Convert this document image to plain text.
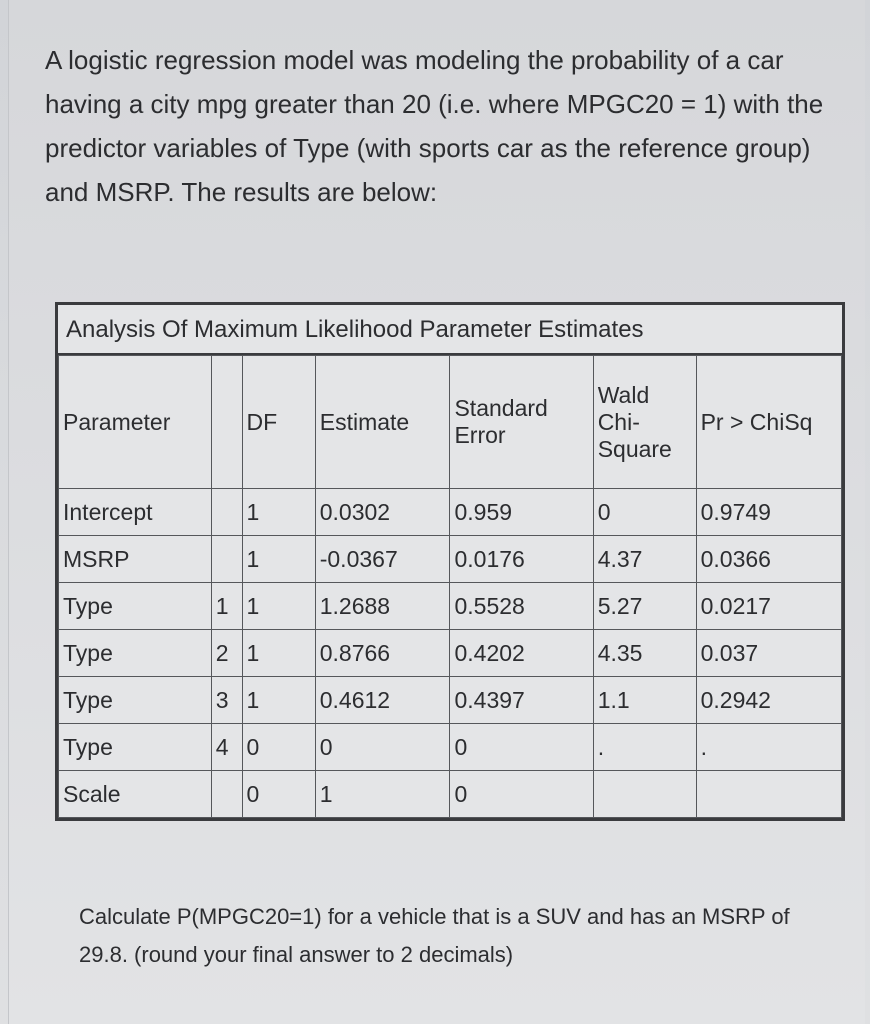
A logistic regression model was modeling the probability of a car having a city mpg greater than 20 (i.e. where MPGC20 = 1) with the predictor variables of Type (with sports car as the reference group) and MSRP. The results are below:

Analysis Of Maximum Likelihood Parameter Estimates
Parameter		DF	Estimate	Standard Error	Wald Chi-Square	Pr > ChiSq
Intercept		1	0.0302	0.959	0	0.9749
MSRP		1	-0.0367	0.0176	4.37	0.0366
Type	1	1	1.2688	0.5528	5.27	0.0217
Type	2	1	0.8766	0.4202	4.35	0.037
Type	3	1	0.4612	0.4397	1.1	0.2942
Type	4	0	0	0	.	.
Scale		0	1	0		

Calculate P(MPGC20=1) for a vehicle that is a SUV and has an MSRP of 29.8. (round your final answer to 2 decimals)
